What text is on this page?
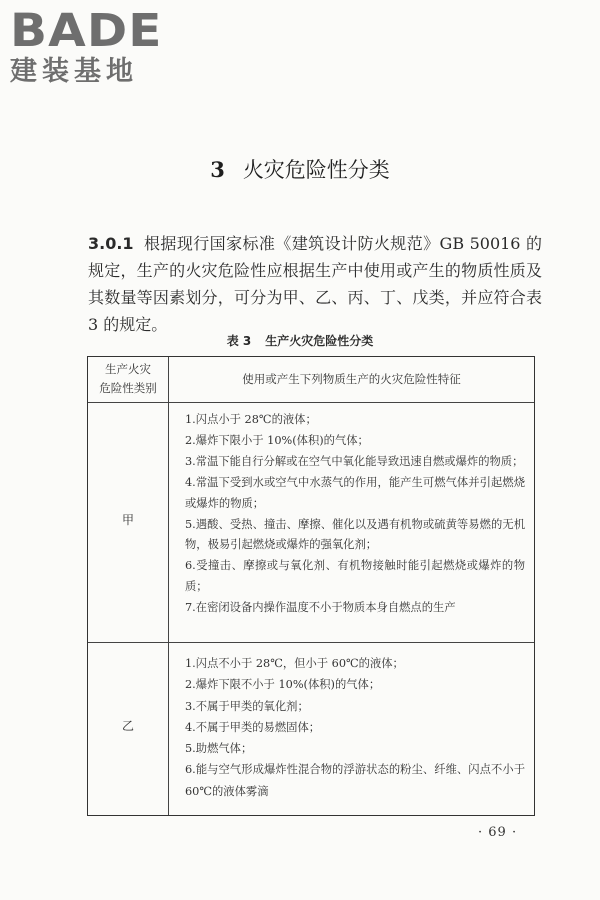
BADE
建装基地
3 火灾危险性分类
3.0.1 根据现行国家标准《建筑设计防火规范》GB 50016 的规定，生产的火灾危险性应根据生产中使用或产生的物质性质及其数量等因素划分，可分为甲、乙、丙、丁、戊类，并应符合表 3 的规定。
表 3 生产火灾危险性分类
生产火灾
危险性类别
使用或产生下列物质生产的火灾危险性特征
甲
1.闪点小于 28℃的液体；
2.爆炸下限小于 10%(体积)的气体；
3.常温下能自行分解或在空气中氧化能导致迅速自燃或爆炸的物质；
4.常温下受到水或空气中水蒸气的作用，能产生可燃气体并引起燃烧或爆炸的物质；
5.遇酸、受热、撞击、摩擦、催化以及遇有机物或硫黄等易燃的无机物，极易引起燃烧或爆炸的强氧化剂；
6.受撞击、摩擦或与氧化剂、有机物接触时能引起燃烧或爆炸的物质；
7.在密闭设备内操作温度不小于物质本身自燃点的生产
乙
1.闪点不小于 28℃，但小于 60℃的液体；
2.爆炸下限不小于 10%(体积)的气体；
3.不属于甲类的氧化剂；
4.不属于甲类的易燃固体；
5.助燃气体；
6.能与空气形成爆炸性混合物的浮游状态的粉尘、纤维、闪点不小于 60℃的液体雾滴
· 69 ·
